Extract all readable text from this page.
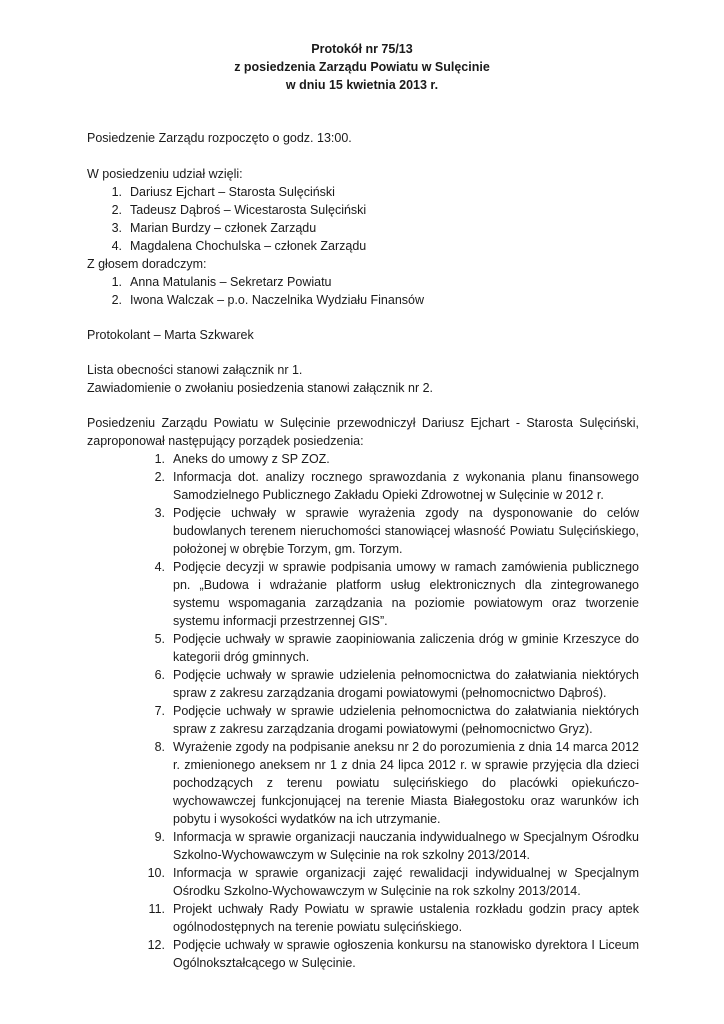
Protokół nr 75/13
z posiedzenia Zarządu Powiatu w Sulęcinie
w dniu 15 kwietnia 2013 r.
Posiedzenie Zarządu rozpoczęto o godz. 13:00.
W posiedzeniu udział wzięli:
1. Dariusz Ejchart – Starosta Sulęciński
2. Tadeusz Dąbroś – Wicestarosta Sulęciński
3. Marian Burdzy – członek Zarządu
4. Magdalena Chochulska – członek Zarządu
Z głosem doradczym:
1. Anna Matulanis – Sekretarz Powiatu
2. Iwona Walczak – p.o. Naczelnika Wydziału Finansów
Protokolant – Marta Szkwarek
Lista obecności stanowi załącznik nr 1.
Zawiadomienie o zwołaniu posiedzenia stanowi załącznik nr 2.
Posiedzeniu Zarządu Powiatu w Sulęcinie przewodniczył Dariusz Ejchart - Starosta Sulęciński, zaproponował następujący porządek posiedzenia:
1. Aneks do umowy z SP ZOZ.
2. Informacja dot. analizy rocznego sprawozdania z wykonania planu finansowego Samodzielnego Publicznego Zakładu Opieki Zdrowotnej w Sulęcinie w 2012 r.
3. Podjęcie uchwały w sprawie wyrażenia zgody na dysponowanie do celów budowlanych terenem nieruchomości stanowiącej własność Powiatu Sulęcińskiego, położonej w obrębie Torzym, gm. Torzym.
4. Podjęcie decyzji w sprawie podpisania umowy w ramach zamówienia publicznego pn. „Budowa i wdrażanie platform usług elektronicznych dla zintegrowanego systemu wspomagania zarządzania na poziomie powiatowym oraz tworzenie systemu informacji przestrzennej GIS”.
5. Podjęcie uchwały w sprawie zaopiniowania zaliczenia dróg w gminie Krzeszyce do kategorii dróg gminnych.
6. Podjęcie uchwały w sprawie udzielenia pełnomocnictwa do załatwiania niektórych spraw z zakresu zarządzania drogami powiatowymi (pełnomocnictwo Dąbroś).
7. Podjęcie uchwały w sprawie udzielenia pełnomocnictwa do załatwiania niektórych spraw z zakresu zarządzania drogami powiatowymi (pełnomocnictwo Gryz).
8. Wyrażenie zgody na podpisanie aneksu nr 2 do porozumienia z dnia 14 marca 2012 r. zmienionego aneksem nr 1 z dnia 24 lipca 2012 r. w sprawie przyjęcia dla dzieci pochodzących z terenu powiatu sulęcińskiego do placówki opiekuńczo-wychowawczej funkcjonującej na terenie Miasta Białegostoku oraz warunków ich pobytu i wysokości wydatków na ich utrzymanie.
9. Informacja w sprawie organizacji nauczania indywidualnego w Specjalnym Ośrodku Szkolno-Wychowawczym w Sulęcinie na rok szkolny 2013/2014.
10. Informacja w sprawie organizacji zajęć rewalidacji indywidualnej w Specjalnym Ośrodku Szkolno-Wychowawczym w Sulęcinie na rok szkolny 2013/2014.
11. Projekt uchwały Rady Powiatu w sprawie ustalenia rozkładu godzin pracy aptek ogólnodostępnych na terenie powiatu sulęcińskiego.
12. Podjęcie uchwały w sprawie ogłoszenia konkursu na stanowisko dyrektora I Liceum Ogólnokształcącego w Sulęcinie.
